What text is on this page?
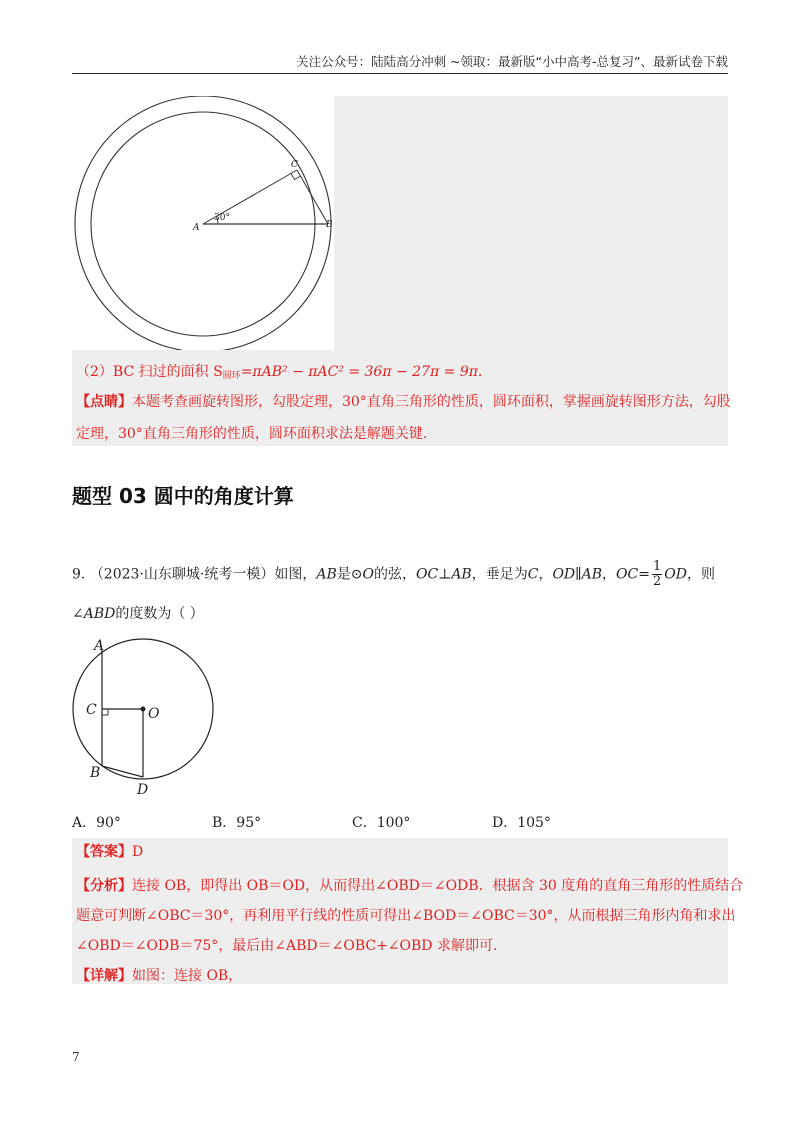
关注公众号：陆陆高分冲刺 ~领取：最新版“小中高考-总复习”、最新试卷下载
A	B
C
30°
（2）BC 扫过的面积 S圆环=πAB² − πAC² = 36π − 27π = 9π.
【点睛】本题考查画旋转图形，勾股定理，30°直角三角形的性质，圆环面积，掌握画旋转图形方法，勾股
定理，30°直角三角形的性质，圆环面积求法是解题关键.
题型 03 圆中的角度计算
9. （2023·山东聊城·统考一模）如图，AB是⊙O的弦，OC⊥AB，垂足为C，OD∥AB，$OC= \frac{1}{2}$ OD，则
∠ABD的度数为（ ）
A
C	O
B
D
A．90°	B．95°	C．100°	D．105°
【答案】D
【分析】连接 OB，即得出 OB＝OD，从而得出∠OBD＝∠ODB．根据含 30 度角的直角三角形的性质结合
题意可判断∠OBC＝30°，再利用平行线的性质可得出∠BOD＝∠OBC＝30°，从而根据三角形内角和求出
∠OBD＝∠ODB＝75°，最后由∠ABD＝∠OBC+∠OBD 求解即可.
【详解】如图：连接 OB，
7
